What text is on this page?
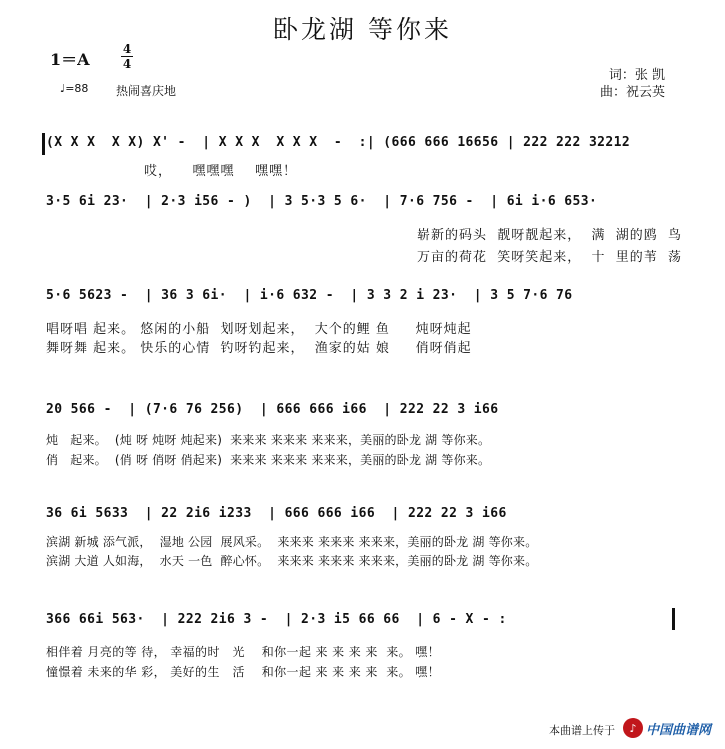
卧龙湖 等你来
1＝A
4
4
♩=88 热闹喜庆地
词：张 凯
曲：祝云英
(X X X  X X) X' -  | X X X  X X X  -  :| (666 666 16656 | 222 222 32212
哎，    嘿嘿嘿    嘿嘿！
3·5 6i 23·  | 2·3 i56 - )  | 3 5·3 5 6·  | 7·6 756 -  | 6i i·6 653·
崭新的码头  靓呀靓起来，  满  湖的鸥  鸟
万亩的荷花  笑呀笑起来，  十  里的苇  荡
5·6 5623 -  | 36 3 6i·  | i·6 632 -  | 3 3 2 i 23·  | 3 5 7·6 76
唱呀唱 起来。 悠闲的小船  划呀划起来，  大个的鲤 鱼     炖呀炖起
舞呀舞 起来。 快乐的心情  钓呀钓起来，  渔家的姑 娘     俏呀俏起
20 566 -  | (7·6 76 256)  | 666 666 i66  | 222 22 3 i66
炖   起来。  (炖 呀 炖呀 炖起来)  来来来 来来来 来来来，美丽的卧龙 湖 等你来。
俏   起来。  (俏 呀 俏呀 俏起来)  来来来 来来来 来来来，美丽的卧龙 湖 等你来。
36 6i 5633  | 22 2i6 i233  | 666 666 i66  | 222 22 3 i66
滨湖 新城 添气派，  湿地 公园  展风采。  来来来 来来来 来来来，美丽的卧龙 湖 等你来。
滨湖 大道 人如海，  水天 一色  醉心怀。  来来来 来来来 来来来，美丽的卧龙 湖 等你来。
366 66i 563·  | 222 2i6 3 -  | 2·3 i5 66 66  | 6 - X - :
相伴着 月亮的等 待， 幸福的时   光    和你一起 来 来 来 来  来。 嘿！
憧憬着 未来的华 彩， 美好的生   活    和你一起 来 来 来 来  来。 嘿！
本曲谱上传于	♪ 中国曲谱网
